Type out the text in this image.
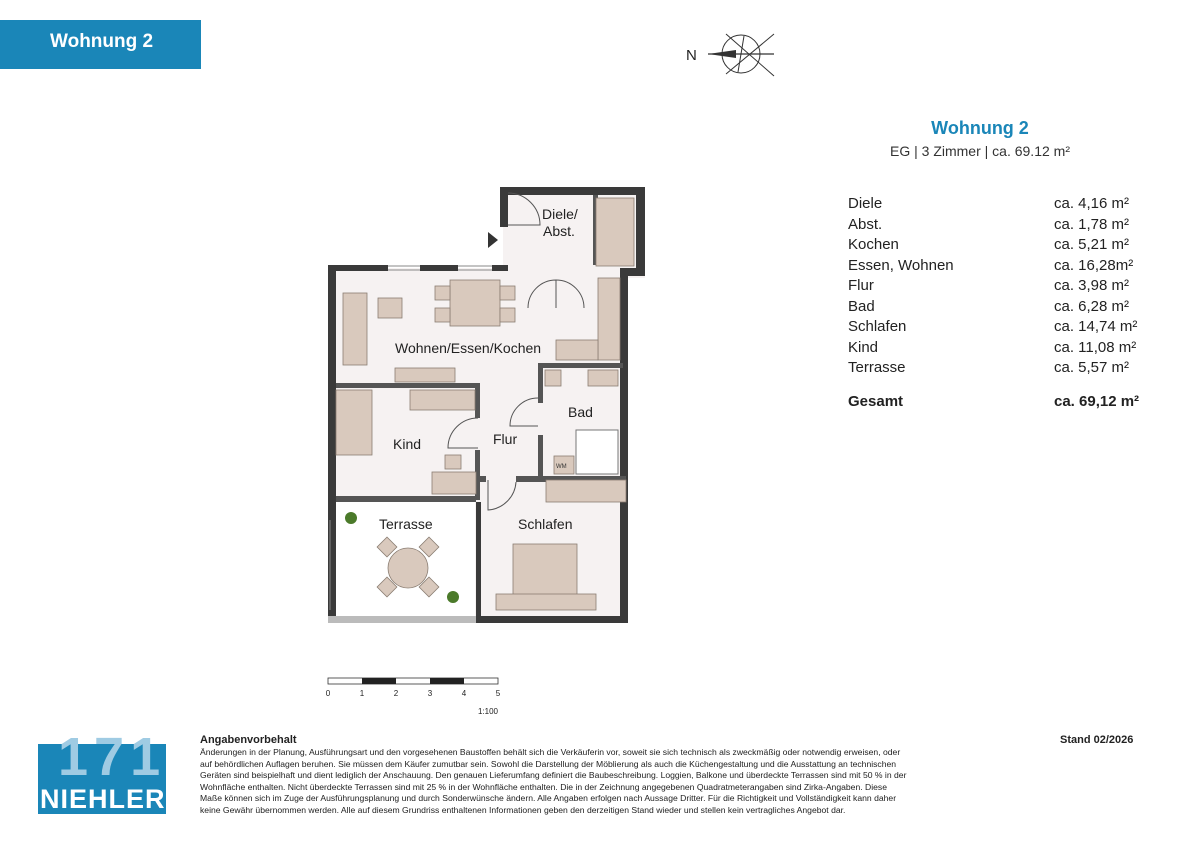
Wohnung 2
N
Wohnung 2
EG | 3 Zimmer | ca. 69.12 m²
Diele	ca. 4,16 m²
Abst.	ca. 1,78 m²
Kochen	ca. 5,21 m²
Essen, Wohnen	ca. 16,28m²
Flur	ca. 3,98 m²
Bad	ca. 6,28 m²
Schlafen	ca. 14,74 m²
Kind	ca. 11,08 m²
Terrasse	ca. 5,57 m²
Gesamt	ca. 69,12 m²
WM
Diele/
Abst.
Wohnen/Essen/Kochen
Bad
Kind	Flur
Terrasse	Schlafen
0	1	2	3	4	5
1:100
171
NIEHLER
Angabenvorbehalt
Änderungen in der Planung, Ausführungsart und den vorgesehenen Baustoffen behält sich die Verkäuferin vor, soweit sie sich technisch als zweckmäßig oder notwendig erweisen, oder auf behördlichen Auflagen beruhen. Sie müssen dem Käufer zumutbar sein. Sowohl die Darstellung der Möblierung als auch die Küchengestaltung und die Ausstattung an technischen Geräten sind beispielhaft und dient lediglich der Anschauung. Den genauen Lieferumfang definiert die Baubeschreibung. Loggien, Balkone und überdeckte Terrassen sind mit 50 % in der Wohnfläche enthalten. Nicht überdeckte Terrassen sind mit 25 % in der Wohnfläche enthalten. Die in der Zeichnung angegebenen Quadratmeterangaben sind Zirka-Angaben. Diese Maße können sich im Zuge der Ausführungsplanung und durch Sonderwünsche ändern. Alle Angaben erfolgen nach Aussage Dritter. Für die Richtigkeit und Vollständigkeit kann daher keine Gewähr übernommen werden. Alle auf diesem Grundriss enthaltenen Informationen geben den derzeitigen Stand wieder und stellen kein vertragliches Angebot dar.
Stand 02/2026
